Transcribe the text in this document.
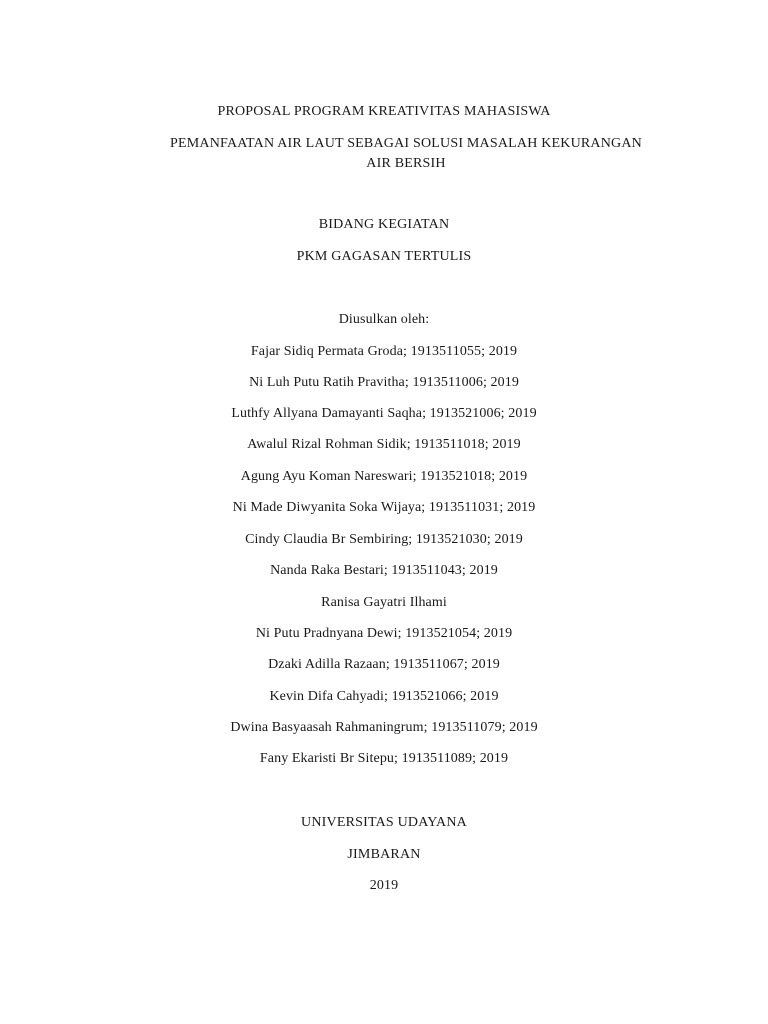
PROPOSAL PROGRAM KREATIVITAS MAHASISWA
PEMANFAATAN AIR LAUT SEBAGAI SOLUSI MASALAH KEKURANGAN
AIR BERSIH
BIDANG KEGIATAN
PKM GAGASAN TERTULIS
Diusulkan oleh:
Fajar Sidiq Permata Groda; 1913511055; 2019
Ni Luh Putu Ratih Pravitha; 1913511006; 2019
Luthfy Allyana Damayanti Saqha; 1913521006; 2019
Awalul Rizal Rohman Sidik; 1913511018; 2019
Agung Ayu Koman Nareswari; 1913521018; 2019
Ni Made Diwyanita Soka Wijaya; 1913511031; 2019
Cindy Claudia Br Sembiring; 1913521030; 2019
Nanda Raka Bestari; 1913511043; 2019
Ranisa Gayatri Ilhami
Ni Putu Pradnyana Dewi; 1913521054; 2019
Dzaki Adilla Razaan; 1913511067; 2019
Kevin Difa Cahyadi; 1913521066; 2019
Dwina Basyaasah Rahmaningrum; 1913511079; 2019
Fany Ekaristi Br Sitepu; 1913511089; 2019
UNIVERSITAS UDAYANA
JIMBARAN
2019
